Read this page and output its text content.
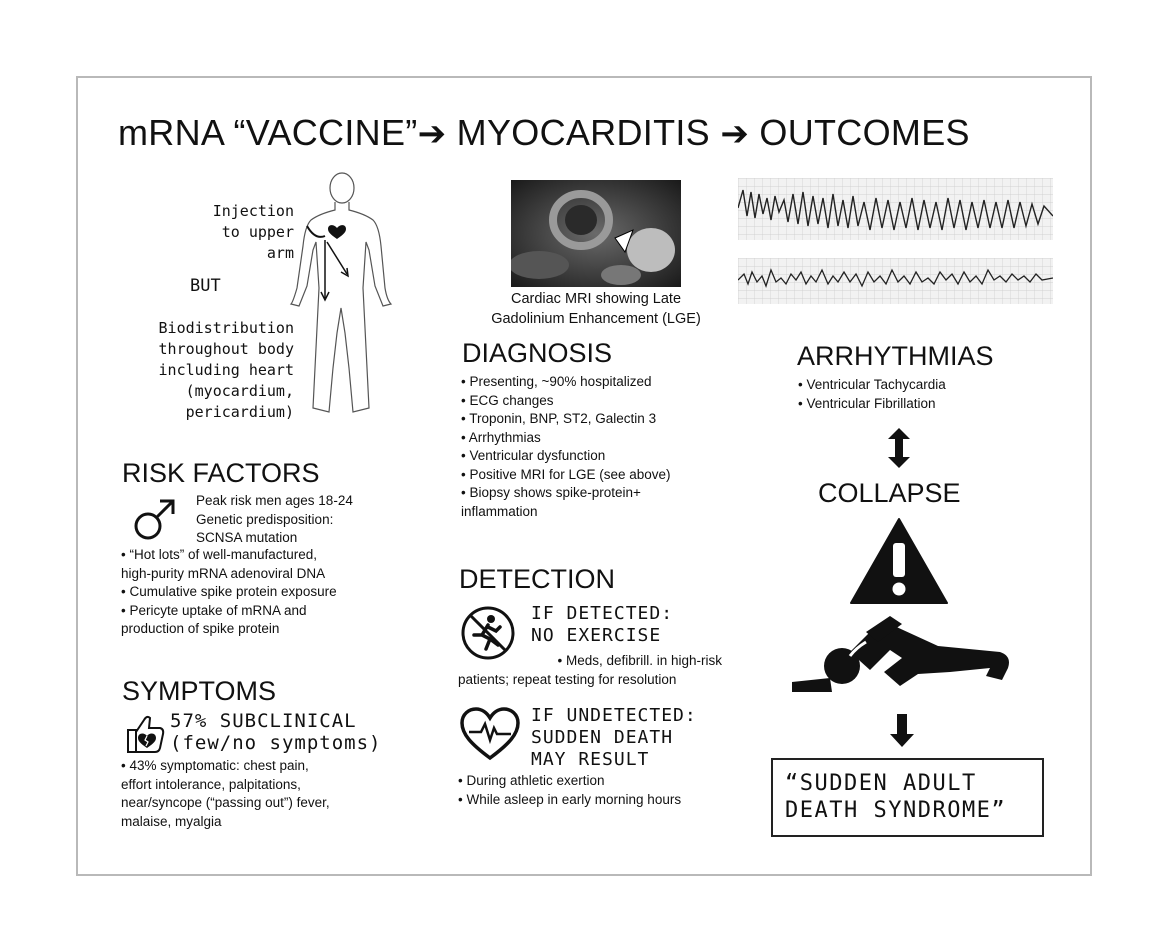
mRNA “VACCINE”➔ MYOCARDITIS ➔ OUTCOMES
Injection
to upper
arm
BUT
Biodistribution
throughout body
including heart
(myocardium,
pericardium)
RISK FACTORS
Peak risk men ages 18-24
Genetic predisposition:
SCNSA mutation
• “Hot lots” of well-manufactured,
high-purity mRNA adenoviral DNA
• Cumulative spike protein exposure
• Pericyte uptake of mRNA and
production of spike protein
SYMPTOMS
57% SUBCLINICAL
(few/no symptoms)
• 43% symptomatic: chest pain,
effort intolerance, palpitations,
near/syncope (“passing out”) fever,
malaise, myalgia
Cardiac MRI showing Late
Gadolinium Enhancement (LGE)
DIAGNOSIS
• Presenting, ~90% hospitalized
• ECG changes
• Troponin, BNP, ST2, Galectin 3
• Arrhythmias
• Ventricular dysfunction
• Positive MRI for LGE (see above)
• Biopsy shows spike-protein+
inflammation
DETECTION
IF DETECTED:
NO EXERCISE
• Meds, defibrill. in high-risk
patients; repeat testing for resolution
IF UNDETECTED:
SUDDEN DEATH
MAY RESULT
• During athletic exertion
• While asleep in early morning hours
ARRHYTHMIAS
• Ventricular Tachycardia
• Ventricular Fibrillation
COLLAPSE
“SUDDEN ADULT
DEATH SYNDROME”
